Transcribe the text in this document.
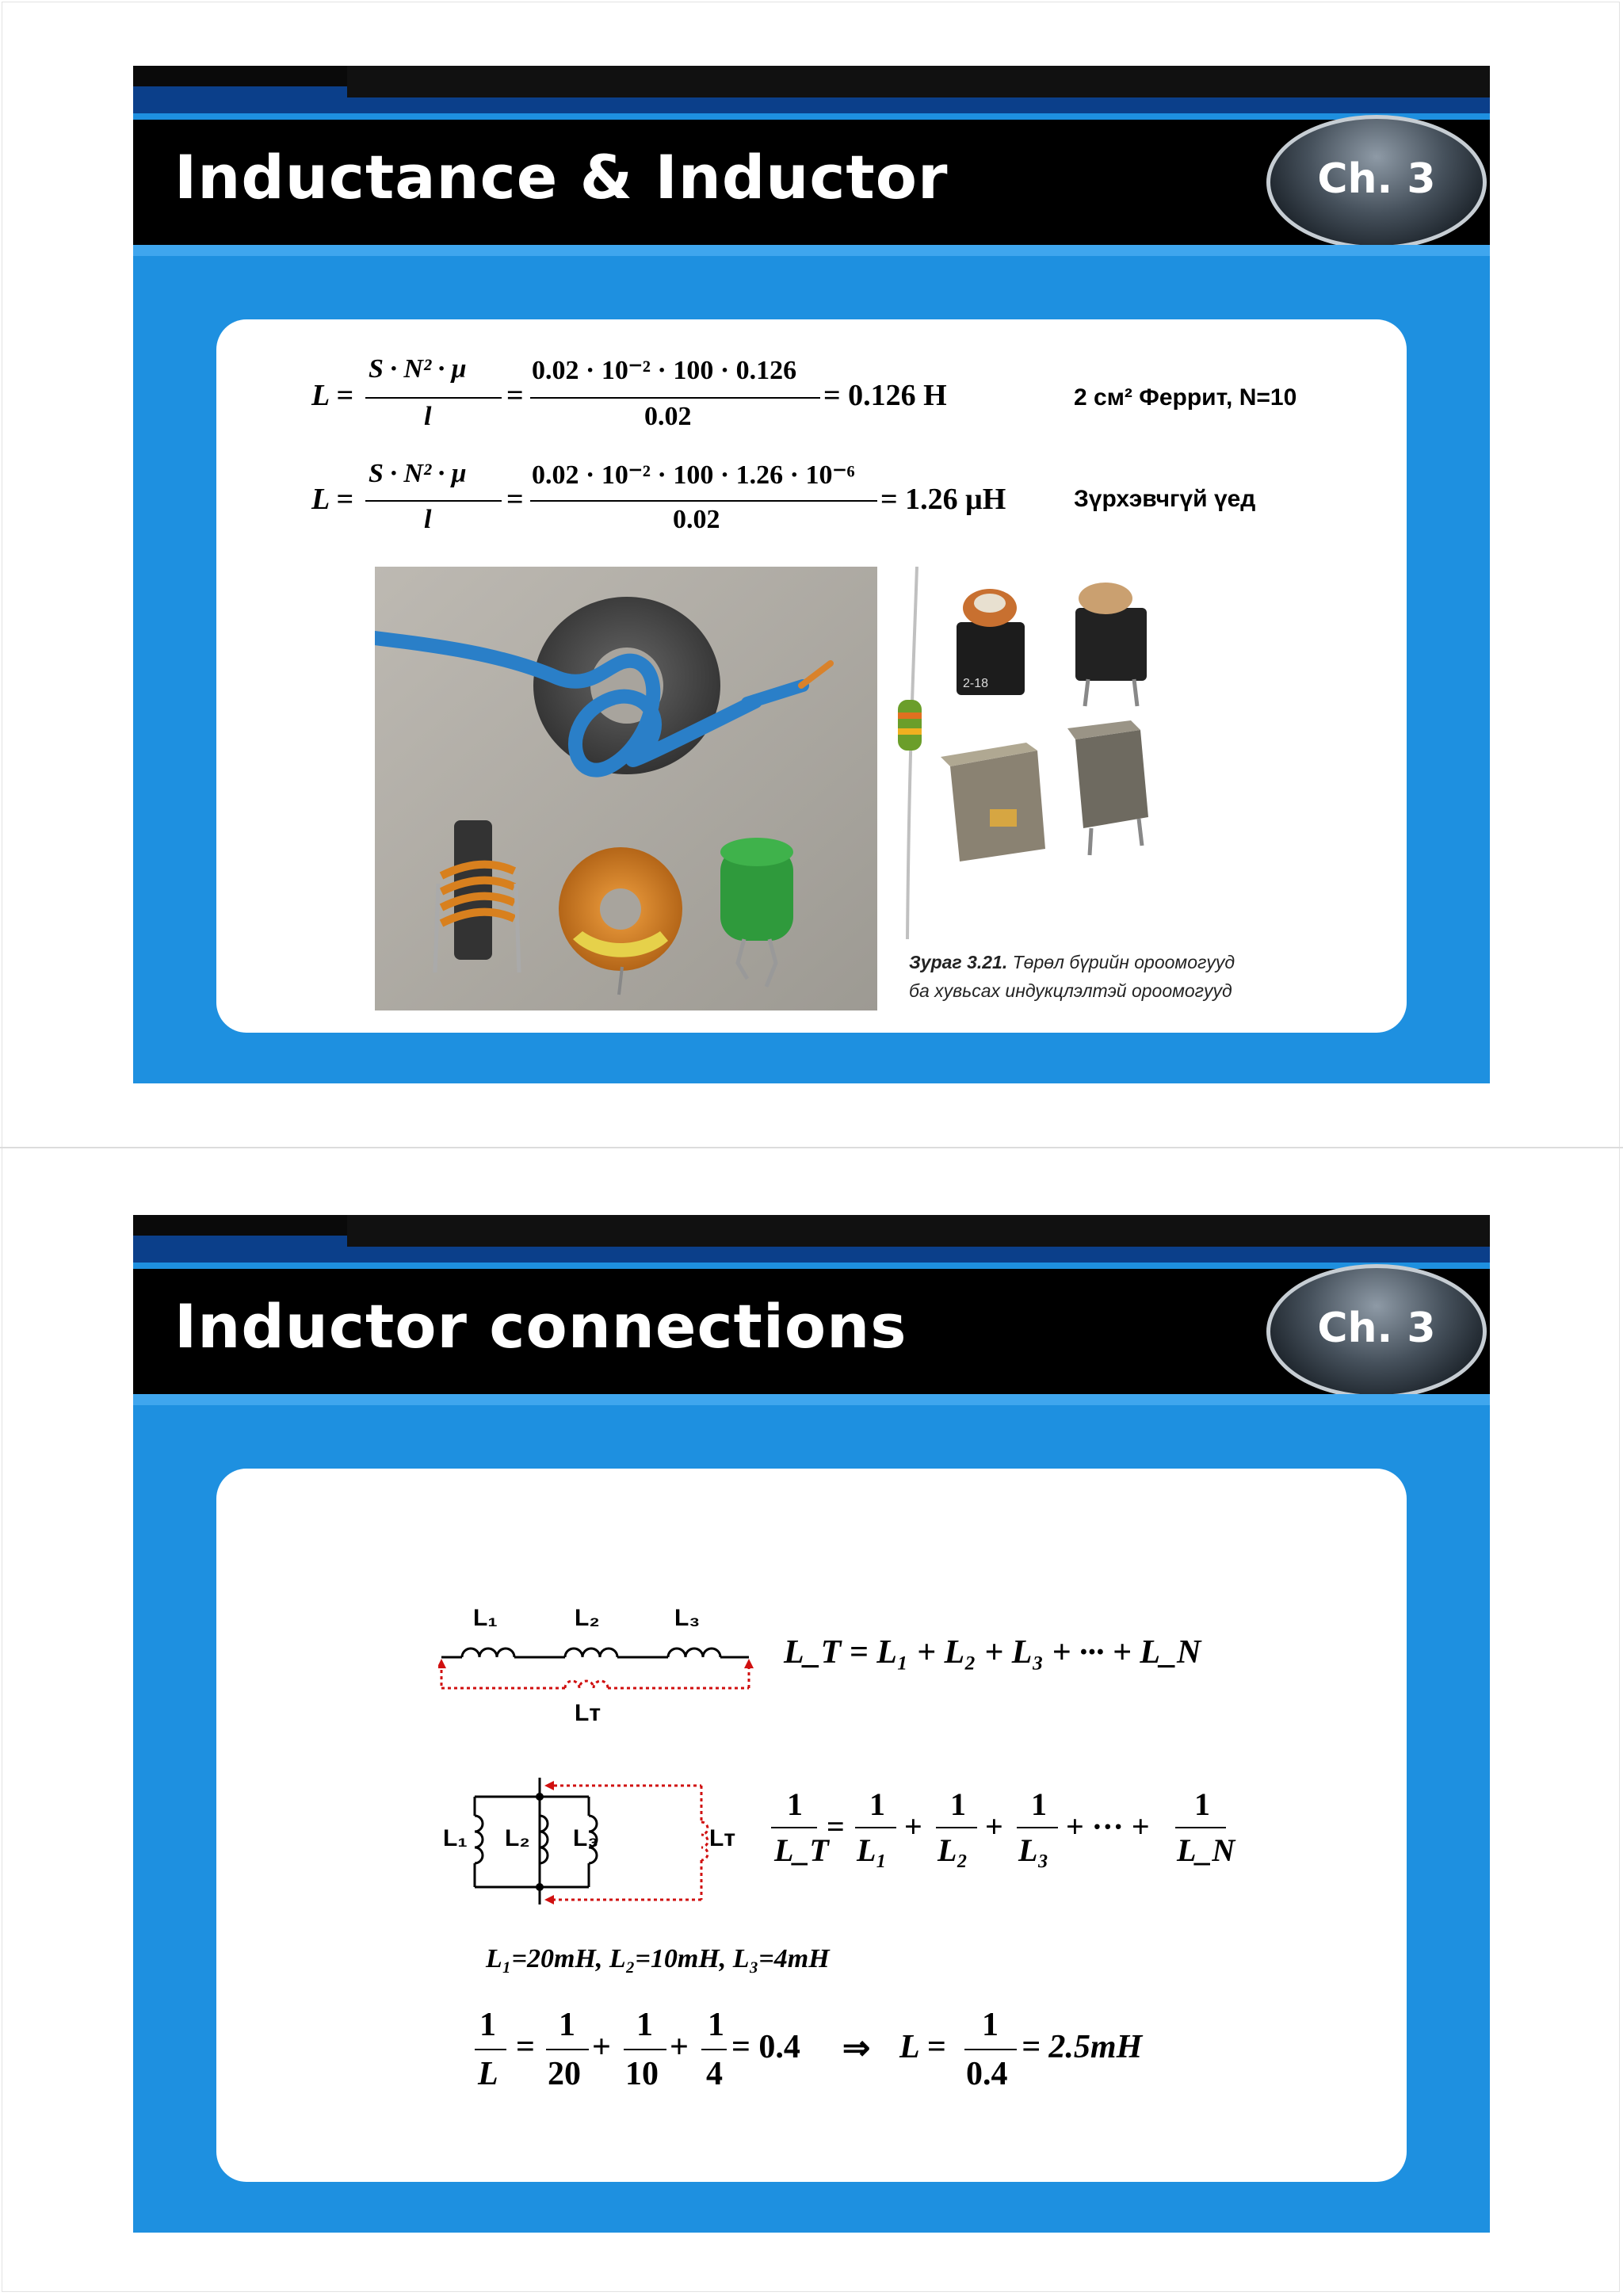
Inductance & Inductor	Ch. 3
L =
S · N² · μ
l
=
0.02 · 10⁻² · 100 · 0.126
0.02
= 0.126 H	2 см² Феррит, N=10
L =
S · N² · μ
l
=
0.02 · 10⁻² · 100 · 1.26 · 10⁻⁶
0.02
= 1.26 μH	Зүрхэвчгүй үед
2-18
Зураг 3.21. Төрөл бүрийн ороомогууд
ба хувьсах индукцлэлтэй ороомогууд
Inductor connections	Ch. 3
L₁	L₂	L₃
Lᴛ
L_T = L₁ + L₂ + L₃ + ··· + L_N
L₁ L₂ L₃	Lᴛ
1
L_T
=
1
L₁
+
1
L₂
+
1
L₃
+ ··· +
1
L_N
L₁=20mH, L₂=10mH, L₃=4mH
1
L
=
1
20
+
1
10
+
1
4
= 0.4 ⇒ L =
1
0.4
= 2.5mH
